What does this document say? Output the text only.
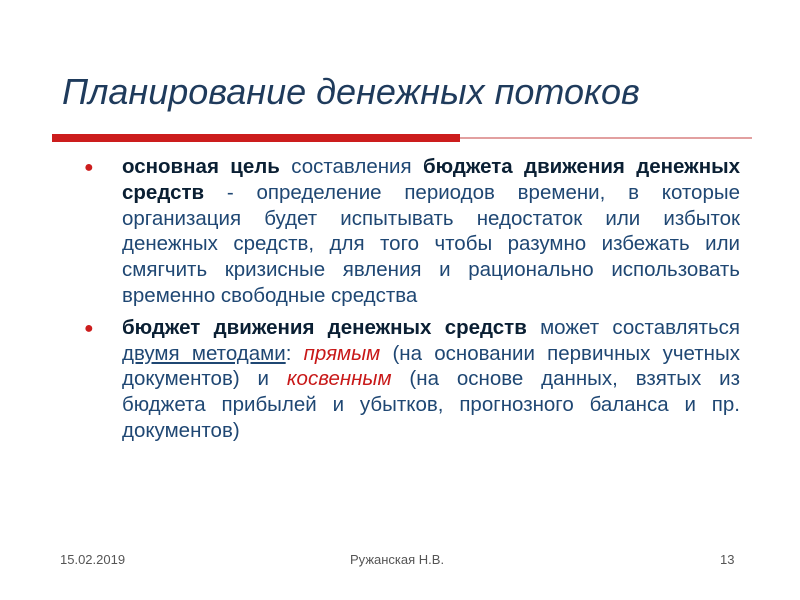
Планирование денежных потоков
● основная цель составления бюджета движения денежных средств - определение периодов времени, в которые организация будет испытывать недостаток или избыток денежных средств, для того чтобы разумно избежать или смягчить кризисные явления и рационально использовать временно свободные средства
● бюджет движения денежных средств может составляться двумя методами: прямым (на основании первичных учетных документов) и косвенным (на основе данных, взятых из бюджета прибылей и убытков, прогнозного баланса и пр. документов)
15.02.2019	Ружанская Н.В.	13
